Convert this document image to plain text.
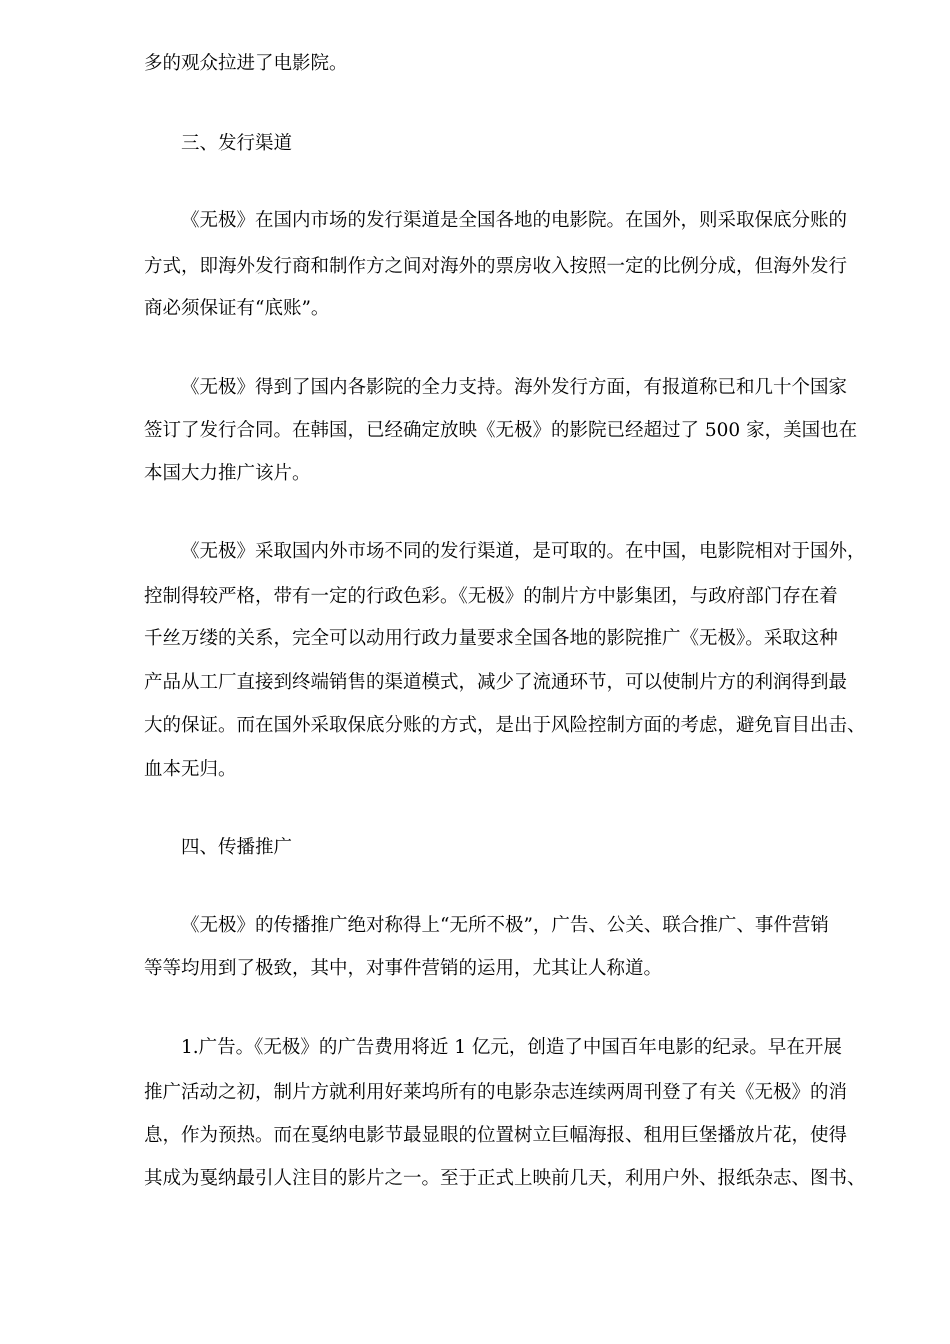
多的观众拉进了电影院。
三、发行渠道
《无极》在国内市场的发行渠道是全国各地的电影院。在国外，则采取保底分账的
方式，即海外发行商和制作方之间对海外的票房收入按照一定的比例分成，但海外发行
商必须保证有“底账”。
《无极》得到了国内各影院的全力支持。海外发行方面，有报道称已和几十个国家
签订了发行合同。在韩国，已经确定放映《无极》的影院已经超过了 500 家，美国也在
本国大力推广该片。
《无极》采取国内外市场不同的发行渠道，是可取的。在中国，电影院相对于国外，
控制得较严格，带有一定的行政色彩。《无极》的制片方中影集团，与政府部门存在着
千丝万缕的关系，完全可以动用行政力量要求全国各地的影院推广《无极》。采取这种
产品从工厂直接到终端销售的渠道模式，减少了流通环节，可以使制片方的利润得到最
大的保证。而在国外采取保底分账的方式，是出于风险控制方面的考虑，避免盲目出击、
血本无归。
四、传播推广
《无极》的传播推广绝对称得上“无所不极”，广告、公关、联合推广、事件营销
等等均用到了极致，其中，对事件营销的运用，尤其让人称道。
1.广告。《无极》的广告费用将近 1 亿元，创造了中国百年电影的纪录。早在开展
推广活动之初，制片方就利用好莱坞所有的电影杂志连续两周刊登了有关《无极》的消
息，作为预热。而在戛纳电影节最显眼的位置树立巨幅海报、租用巨堡播放片花，使得
其成为戛纳最引人注目的影片之一。至于正式上映前几天，利用户外、报纸杂志、图书、
